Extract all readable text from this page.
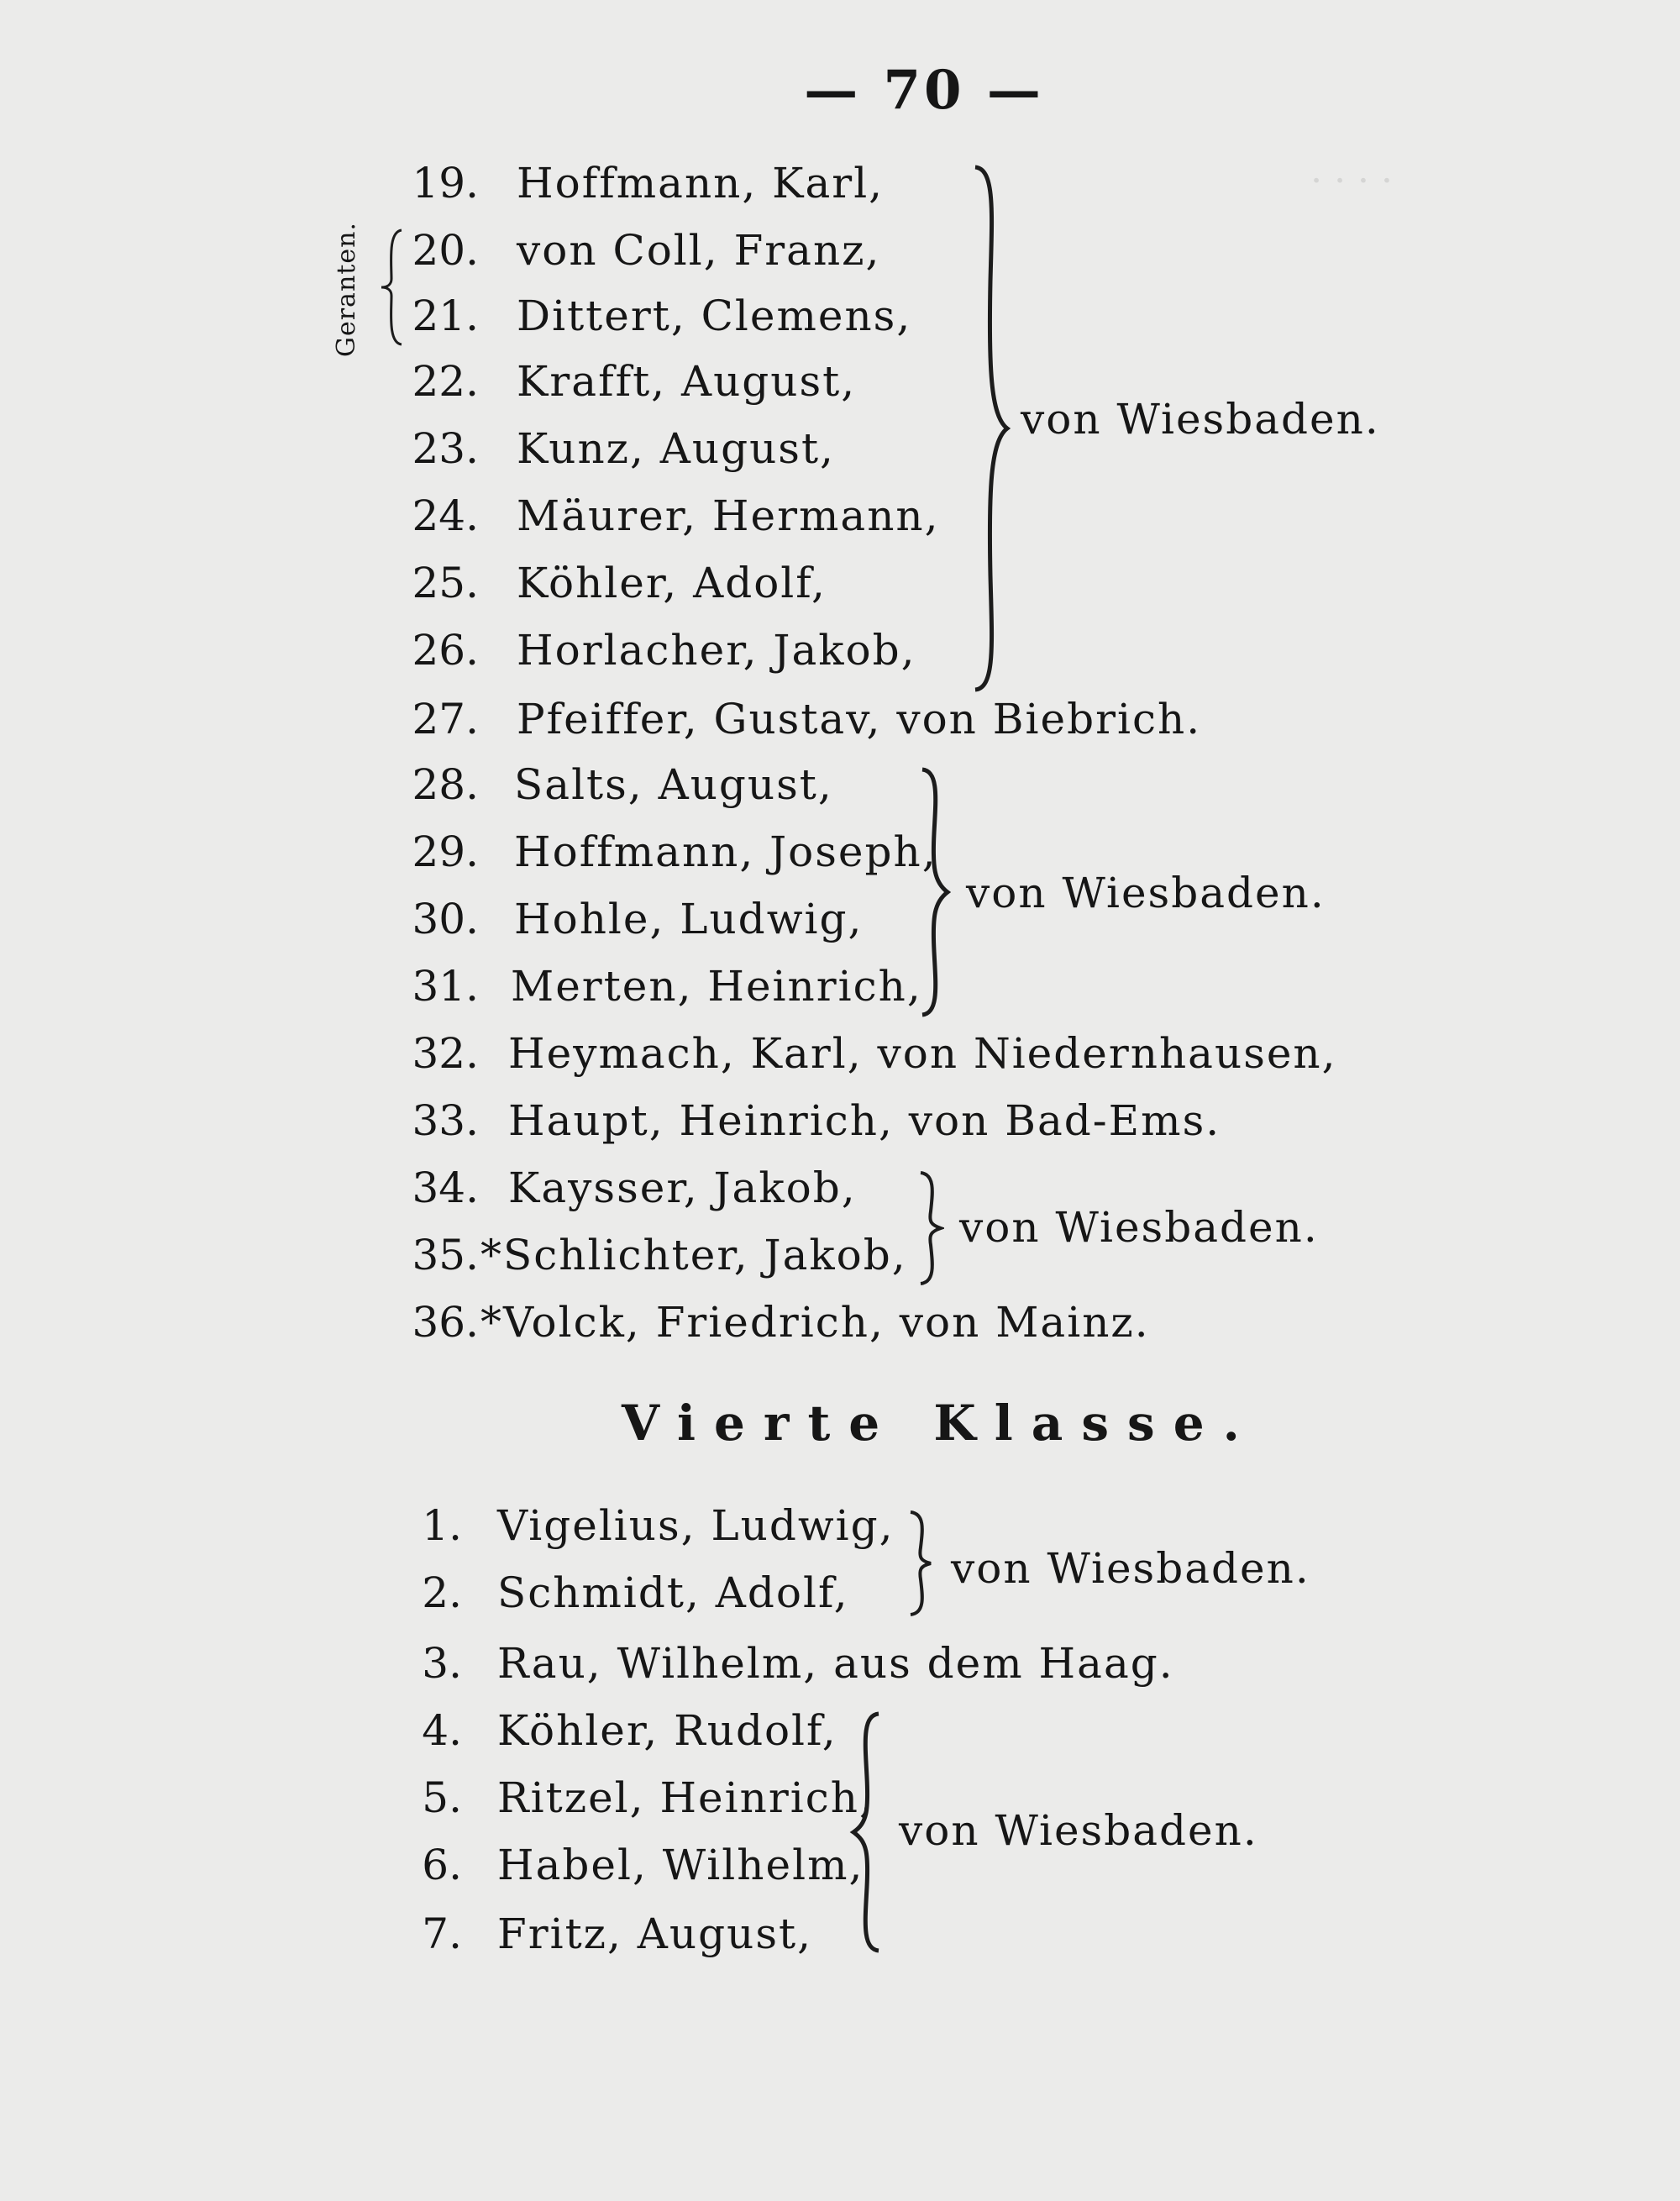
· · · ·
— 70 —
Geranten.
19. Hoffmann, Karl,
20. von Coll, Franz,
21. Dittert, Clemens,
22. Krafft, August,
23. Kunz, August,
24. Mäurer, Hermann,
25. Köhler, Adolf,
26. Horlacher, Jakob,
27. Pfeiffer, Gustav, von Biebrich.
28. Salts, August,
29. Hoffmann, Joseph,
30. Hohle, Ludwig,
31. Merten, Heinrich,
32. Heymach, Karl, von Niedernhausen,
33. Haupt, Heinrich, von Bad-Ems.
34. Kaysser, Jakob,
35. *Schlichter, Jakob,
36. *Volck, Friedrich, von Mainz.
von Wiesbaden.
von Wiesbaden.
von Wiesbaden.
Vierte Klasse.
1. Vigelius, Ludwig,
2. Schmidt, Adolf,
3. Rau, Wilhelm, aus dem Haag.
4. Köhler, Rudolf,
5. Ritzel, Heinrich,
6. Habel, Wilhelm,
7. Fritz, August,
von Wiesbaden.
von Wiesbaden.
